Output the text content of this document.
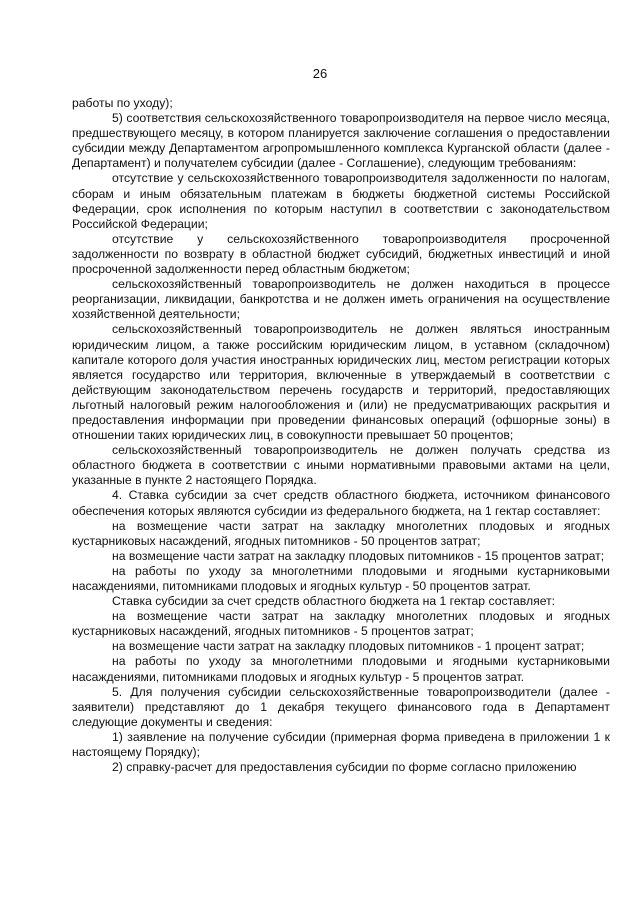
26

работы по уходу);

5) соответствия сельскохозяйственного товаропроизводителя на первое число месяца, предшествующего месяцу, в котором планируется заключение соглашения о предоставлении субсидии между Департаментом агропромышленного комплекса Курганской области (далее - Департамент) и получателем субсидии (далее - Соглашение), следующим требованиям:

отсутствие у сельскохозяйственного товаропроизводителя задолженности по налогам, сборам и иным обязательным платежам в бюджеты бюджетной системы Российской Федерации, срок исполнения по которым наступил в соответствии с законодательством Российской Федерации;

отсутствие у сельскохозяйственного товаропроизводителя просроченной задолженности по возврату в областной бюджет субсидий, бюджетных инвестиций и иной просроченной задолженности перед областным бюджетом;

сельскохозяйственный товаропроизводитель не должен находиться в процессе реорганизации, ликвидации, банкротства и не должен иметь ограничения на осуществление хозяйственной деятельности;

сельскохозяйственный товаропроизводитель не должен являться иностранным юридическим лицом, а также российским юридическим лицом, в уставном (складочном) капитале которого доля участия иностранных юридических лиц, местом регистрации которых является государство или территория, включенные в утверждаемый в соответствии с действующим законодательством перечень государств и территорий, предоставляющих льготный налоговый режим налогообложения и (или) не предусматривающих раскрытия и предоставления информации при проведении финансовых операций (офшорные зоны) в отношении таких юридических лиц, в совокупности превышает 50 процентов;

сельскохозяйственный товаропроизводитель не должен получать средства из областного бюджета в соответствии с иными нормативными правовыми актами на цели, указанные в пункте 2 настоящего Порядка.

4. Ставка субсидии за счет средств областного бюджета, источником финансового обеспечения которых являются субсидии из федерального бюджета, на 1 гектар составляет:

на возмещение части затрат на закладку многолетних плодовых и ягодных кустарниковых насаждений, ягодных питомников - 50 процентов затрат;

на возмещение части затрат на закладку плодовых питомников - 15 процентов затрат;

на работы по уходу за многолетними плодовыми и ягодными кустарниковыми насаждениями, питомниками плодовых и ягодных культур - 50 процентов затрат.

Ставка субсидии за счет средств областного бюджета на 1 гектар составляет:

на возмещение части затрат на закладку многолетних плодовых и ягодных кустарниковых насаждений, ягодных питомников - 5 процентов затрат;

на возмещение части затрат на закладку плодовых питомников - 1 процент затрат;

на работы по уходу за многолетними плодовыми и ягодными кустарниковыми насаждениями, питомниками плодовых и ягодных культур - 5 процентов затрат.

5. Для получения субсидии сельскохозяйственные товаропроизводители (далее - заявители) представляют до 1 декабря текущего финансового года в Департамент следующие документы и сведения:

1) заявление на получение субсидии (примерная форма приведена в приложении 1 к настоящему Порядку);

2) справку-расчет для предоставления субсидии по форме согласно приложению
